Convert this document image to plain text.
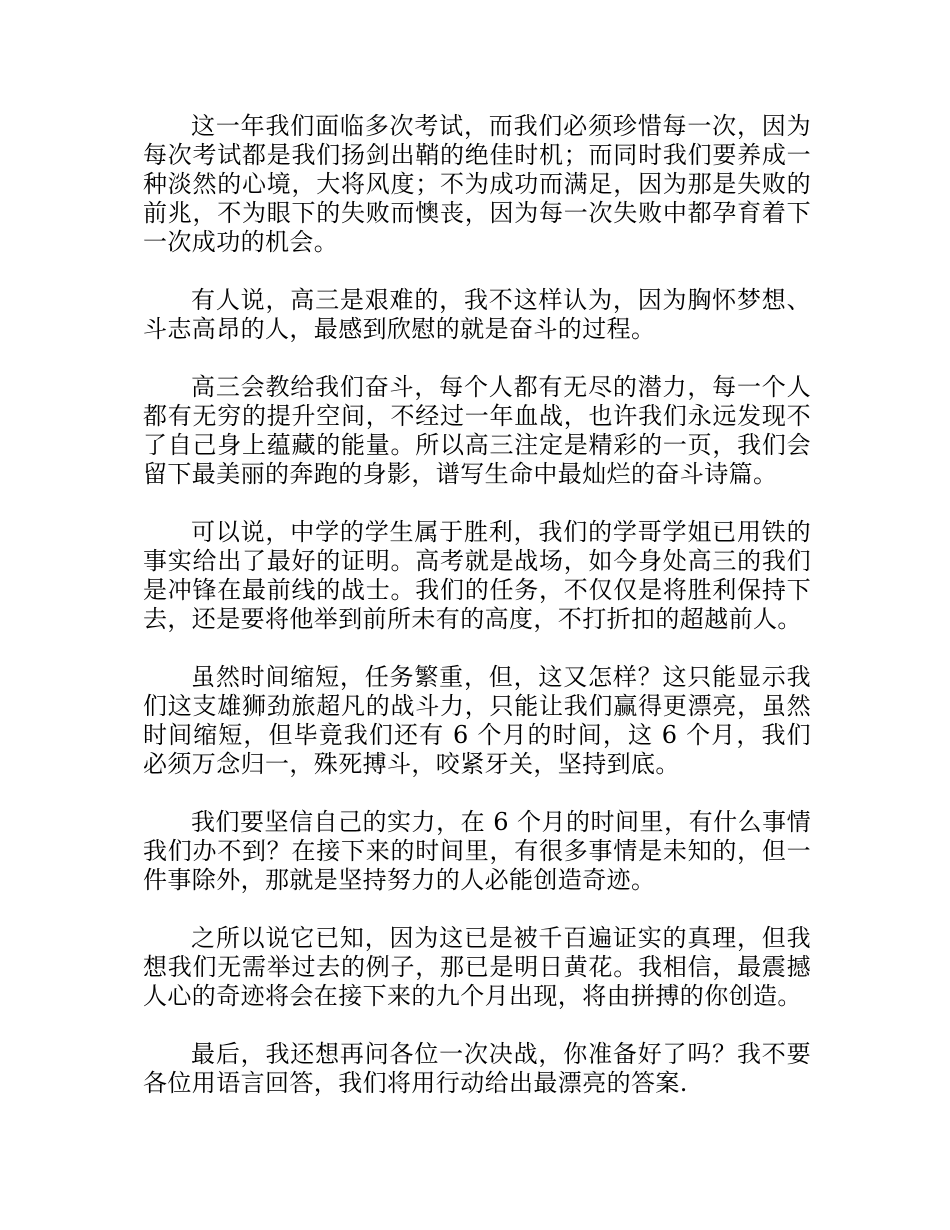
这一年我们面临多次考试，而我们必须珍惜每一次，因为每次考试都是我们扬剑出鞘的绝佳时机；而同时我们要养成一种淡然的心境，大将风度；不为成功而满足，因为那是失败的前兆，不为眼下的失败而懊丧，因为每一次失败中都孕育着下一次成功的机会。

有人说，高三是艰难的，我不这样认为，因为胸怀梦想、斗志高昂的人，最感到欣慰的就是奋斗的过程。

高三会教给我们奋斗，每个人都有无尽的潜力，每一个人都有无穷的提升空间，不经过一年血战，也许我们永远发现不了自己身上蕴藏的能量。所以高三注定是精彩的一页，我们会留下最美丽的奔跑的身影，谱写生命中最灿烂的奋斗诗篇。

可以说，中学的学生属于胜利，我们的学哥学姐已用铁的事实给出了最好的证明。高考就是战场，如今身处高三的我们是冲锋在最前线的战士。我们的任务，不仅仅是将胜利保持下去，还是要将他举到前所未有的高度，不打折扣的超越前人。

虽然时间缩短，任务繁重，但，这又怎样？这只能显示我们这支雄狮劲旅超凡的战斗力，只能让我们赢得更漂亮，虽然时间缩短，但毕竟我们还有 6 个月的时间，这 6 个月，我们必须万念归一，殊死搏斗，咬紧牙关，坚持到底。

我们要坚信自己的实力，在 6 个月的时间里，有什么事情我们办不到？在接下来的时间里，有很多事情是未知的，但一件事除外，那就是坚持努力的人必能创造奇迹。

之所以说它已知，因为这已是被千百遍证实的真理，但我想我们无需举过去的例子，那已是明日黄花。我相信，最震撼人心的奇迹将会在接下来的九个月出现，将由拼搏的你创造。

最后，我还想再问各位一次决战，你准备好了吗？我不要各位用语言回答，我们将用行动给出最漂亮的答案.
